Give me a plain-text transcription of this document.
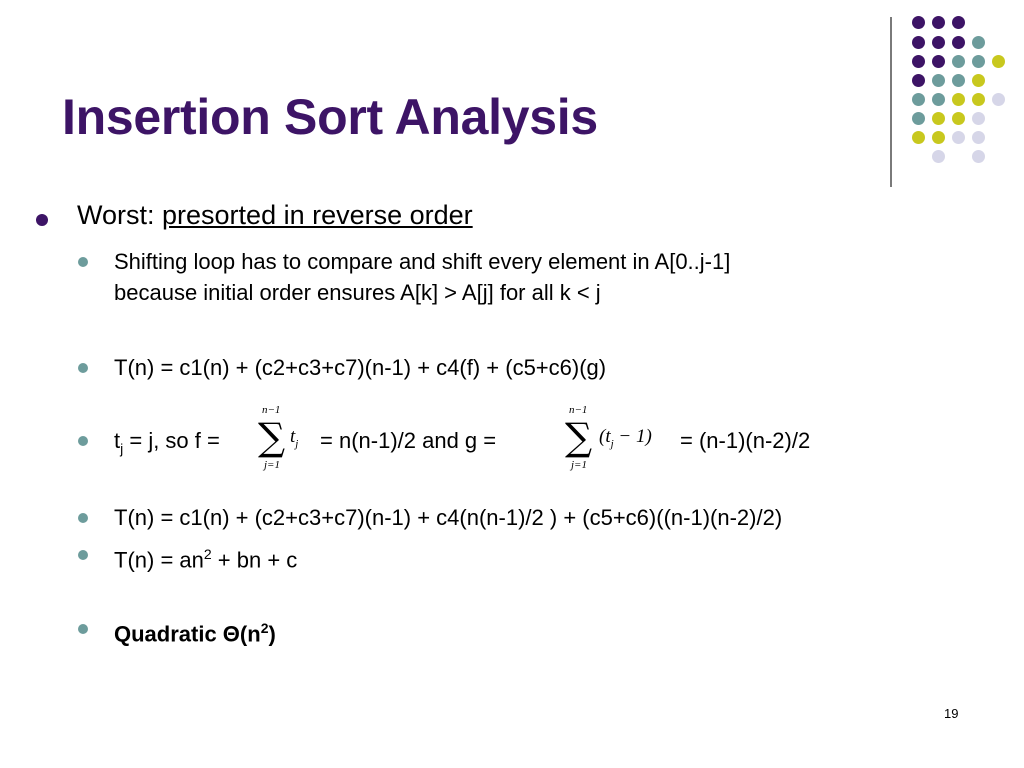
Insertion Sort Analysis
Worst: presorted in reverse order
Shifting loop has to compare and shift every element in A[0..j-1]
because initial order ensures A[k] > A[j] for all k < j
T(n) = c1(n) + (c2+c3+c7)(n-1) + c4(f) + (c5+c6)(g)
$t_j = j$, so f =
n−1
∑ $t_j$
j=1
= n(n-1)/2 and g =
n−1
∑ $(t_j - 1)$
j=1
= (n-1)(n-2)/2
T(n) = c1(n) + (c2+c3+c7)(n-1) + c4(n(n-1)/2 ) + (c5+c6)((n-1)(n-2)/2)
$T(n) = an^2$ + bn + c
Quadratic $\Theta(n^2)$
19
